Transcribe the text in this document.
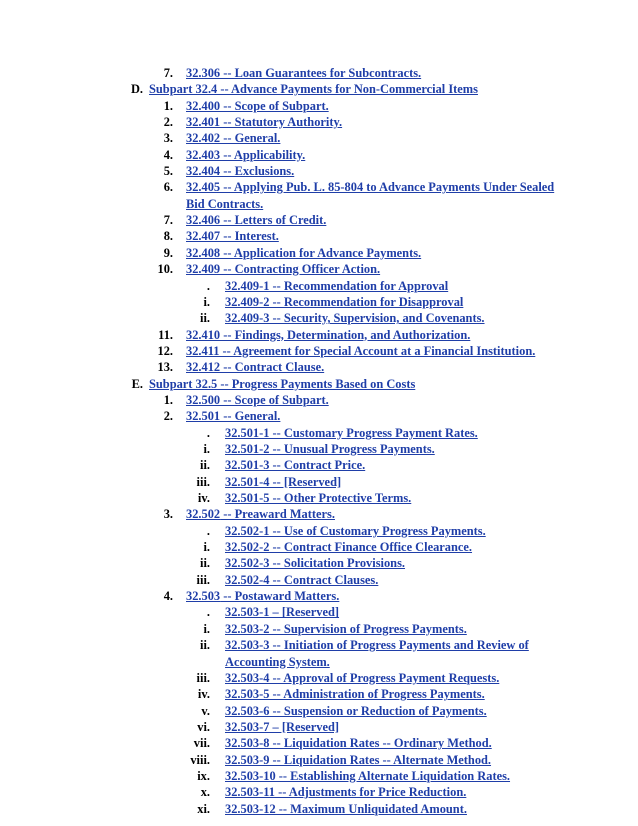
7. 32.306 -- Loan Guarantees for Subcontracts.
D. Subpart 32.4 -- Advance Payments for Non-Commercial Items
1. 32.400 -- Scope of Subpart.
2. 32.401 -- Statutory Authority.
3. 32.402 -- General.
4. 32.403 -- Applicability.
5. 32.404 -- Exclusions.
6. 32.405 -- Applying Pub. L. 85-804 to Advance Payments Under Sealed
Bid Contracts.
7. 32.406 -- Letters of Credit.
8. 32.407 -- Interest.
9. 32.408 -- Application for Advance Payments.
10. 32.409 -- Contracting Officer Action.
. 32.409-1 -- Recommendation for Approval
i. 32.409-2 -- Recommendation for Disapproval
ii. 32.409-3 -- Security, Supervision, and Covenants.
11. 32.410 -- Findings, Determination, and Authorization.
12. 32.411 -- Agreement for Special Account at a Financial Institution.
13. 32.412 -- Contract Clause.
E. Subpart 32.5 -- Progress Payments Based on Costs
1. 32.500 -- Scope of Subpart.
2. 32.501 -- General.
. 32.501-1 -- Customary Progress Payment Rates.
i. 32.501-2 -- Unusual Progress Payments.
ii. 32.501-3 -- Contract Price.
iii. 32.501-4 -- [Reserved]
iv. 32.501-5 -- Other Protective Terms.
3. 32.502 -- Preaward Matters.
. 32.502-1 -- Use of Customary Progress Payments.
i. 32.502-2 -- Contract Finance Office Clearance.
ii. 32.502-3 -- Solicitation Provisions.
iii. 32.502-4 -- Contract Clauses.
4. 32.503 -- Postaward Matters.
. 32.503-1 – [Reserved]
i. 32.503-2 -- Supervision of Progress Payments.
ii. 32.503-3 -- Initiation of Progress Payments and Review of
Accounting System.
iii. 32.503-4 -- Approval of Progress Payment Requests.
iv. 32.503-5 -- Administration of Progress Payments.
v. 32.503-6 -- Suspension or Reduction of Payments.
vi. 32.503-7 – [Reserved]
vii. 32.503-8 -- Liquidation Rates -- Ordinary Method.
viii. 32.503-9 -- Liquidation Rates -- Alternate Method.
ix. 32.503-10 -- Establishing Alternate Liquidation Rates.
x. 32.503-11 -- Adjustments for Price Reduction.
xi. 32.503-12 -- Maximum Unliquidated Amount.
